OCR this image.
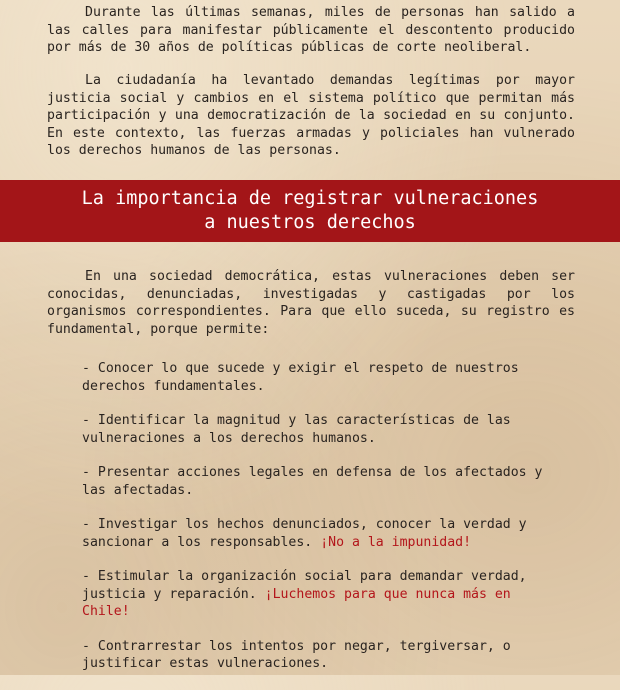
Durante las últimas semanas, miles de personas han salido a las calles para manifestar públicamente el descontento producido por más de 30 años de políticas públicas de corte neoliberal.

La ciudadanía ha levantado demandas legítimas por mayor justicia social y cambios en el sistema político que permitan más participación y una democratización de la sociedad en su conjunto. En este contexto, las fuerzas armadas y policiales han vulnerado los derechos humanos de las personas.

La importancia de registrar vulneraciones
a nuestros derechos

En una sociedad democrática, estas vulneraciones deben ser conocidas, denunciadas, investigadas y castigadas por los organismos correspondientes. Para que ello suceda, su registro es fundamental, porque permite:

- Conocer lo que sucede y exigir el respeto de nuestros derechos fundamentales.
- Identificar la magnitud y las características de las vulneraciones a los derechos humanos.
- Presentar acciones legales en defensa de los afectados y las afectadas.
- Investigar los hechos denunciados, conocer la verdad y sancionar a los responsables. ¡No a la impunidad!
- Estimular la organización social para demandar verdad, justicia y reparación. ¡Luchemos para que nunca más en Chile!
- Contrarrestar los intentos por negar, tergiversar, o justificar estas vulneraciones.
